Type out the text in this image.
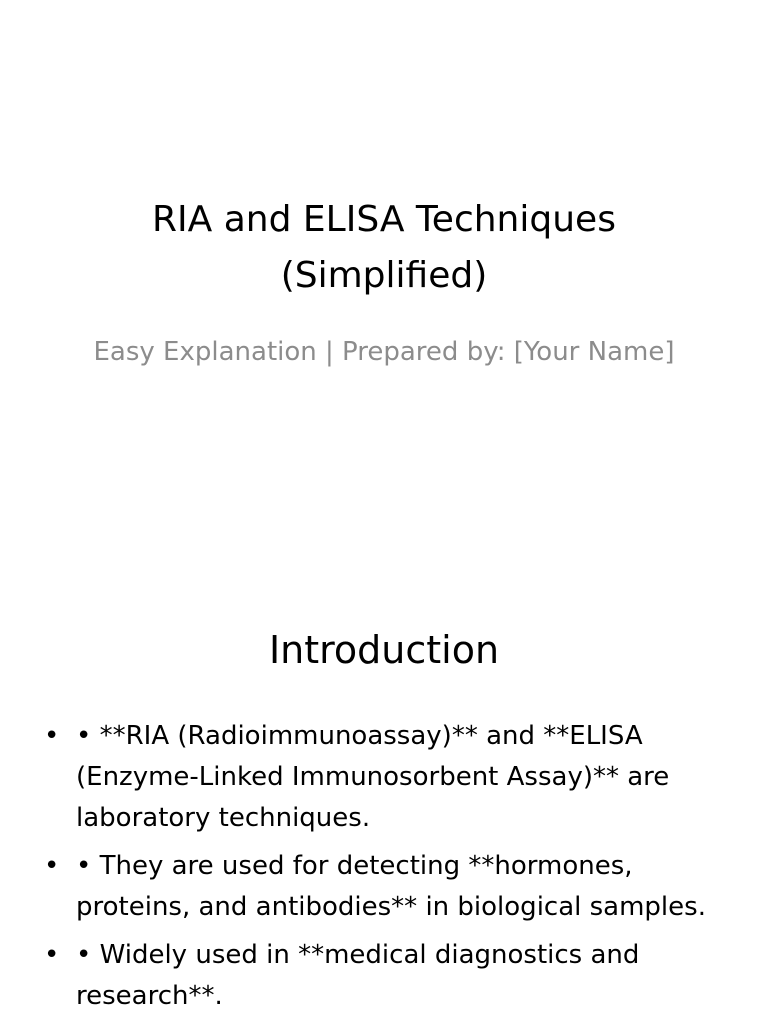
RIA and ELISA Techniques (Simplified)
Easy Explanation | Prepared by: [Your Name]
Introduction
• • **RIA (Radioimmunoassay)** and **ELISA (Enzyme-Linked Immunosorbent Assay)** are laboratory techniques.
• • They are used for detecting **hormones, proteins, and antibodies** in biological samples.
• • Widely used in **medical diagnostics and research**.
